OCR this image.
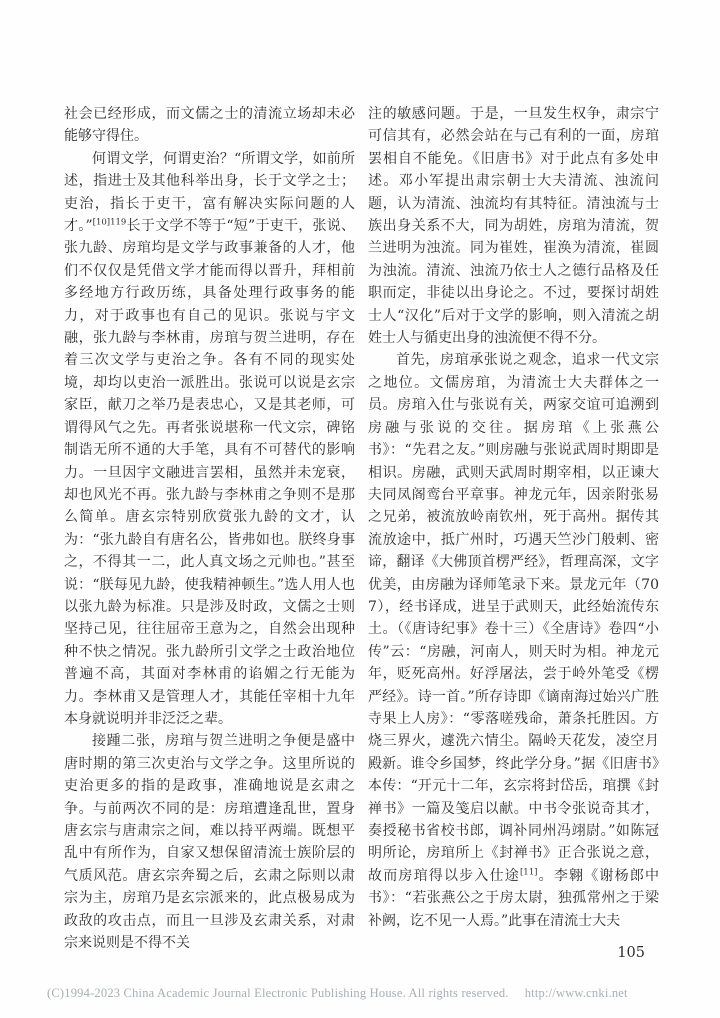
社会已经形成，而文儒之士的清流立场却未必能够守得住。

何谓文学，何谓吏治？“所谓文学，如前所述，指进士及其他科举出身，长于文学之士；吏治，指长于吏干，富有解决实际问题的人才。”$^{[10]119}$长于文学不等于“短”于吏干，张说、张九龄、房琯均是文学与政事兼备的人才，他们不仅仅是凭借文学才能而得以晋升，拜相前多经地方行政历练，具备处理行政事务的能力，对于政事也有自己的见识。张说与宇文融，张九龄与李林甫，房琯与贺兰进明，存在着三次文学与吏治之争。各有不同的现实处境，却均以吏治一派胜出。张说可以说是玄宗家臣，献刀之举乃是表忠心，又是其老师，可谓得风气之先。再者张说堪称一代文宗，碑铭制诰无所不通的大手笔，具有不可替代的影响力。一旦因宇文融进言罢相，虽然并未宠衰，却也风光不再。张九龄与李林甫之争则不是那么简单。唐玄宗特别欣赏张九龄的文才，认为：“张九龄自有唐名公，皆弗如也。朕终身事之，不得其一二，此人真文场之元帅也。”甚至说：“朕每见九龄，使我精神顿生。”选人用人也以张九龄为标准。只是涉及时政，文儒之士则坚持己见，往往屈帝王意为之，自然会出现种种不快之情况。张九龄所引文学之士政治地位普遍不高，其面对李林甫的谄媚之行无能为力。李林甫又是管理人才，其能任宰相十九年本身就说明并非泛泛之辈。

接踵二张，房琯与贺兰进明之争便是盛中唐时期的第三次吏治与文学之争。这里所说的吏治更多的指的是政事，准确地说是玄肃之争。与前两次不同的是：房琯遭逢乱世，置身唐玄宗与唐肃宗之间，难以持平两端。既想平乱中有所作为，自家又想保留清流士族阶层的气质风范。唐玄宗奔蜀之后，玄肃之际则以肃宗为主，房琯乃是玄宗派来的，此点极易成为政敌的攻击点，而且一旦涉及玄肃关系，对肃宗来说则是不得不关

注的敏感问题。于是，一旦发生权争，肃宗宁可信其有，必然会站在与己有利的一面，房琯罢相自不能免。《旧唐书》对于此点有多处申述。邓小军提出肃宗朝士大夫清流、浊流问题，认为清流、浊流均有其特征。清浊流与士族出身关系不大，同为胡姓，房琯为清流，贺兰进明为浊流。同为崔姓，崔涣为清流，崔圆为浊流。清流、浊流乃依士人之德行品格及任职而定，非徒以出身论之。不过，要探讨胡姓士人“汉化”后对于文学的影响，则入清流之胡姓士人与循吏出身的浊流便不得不分。

首先，房琯承张说之观念，追求一代文宗之地位。文儒房琯，为清流士大夫群体之一员。房琯入仕与张说有关，两家交谊可追溯到房融与张说的交往。据房琯《上张燕公书》：“先君之友。”则房融与张说武周时期即是相识。房融，武则天武周时期宰相，以正谏大夫同凤阁鸾台平章事。神龙元年，因亲附张易之兄弟，被流放岭南钦州，死于高州。据传其流放途中，抵广州时，巧遇天竺沙门般剌、密谛，翻译《大佛顶首楞严经》，哲理高深，文字优美，由房融为译师笔录下来。景龙元年（707），经书译成，进呈于武则天，此经始流传东土。（《唐诗纪事》卷十三）《全唐诗》卷四“小传”云：“房融，河南人，则天时为相。神龙元年，贬死高州。好浮屠法，尝于岭外笔受《楞严经》。诗一首。”所存诗即《谪南海过始兴广胜寺果上人房》：“零落嗟残命，萧条托胜因。方烧三界火，遽洗六情尘。隔岭天花发，凌空月殿新。谁令乡国梦，终此学分身。”据《旧唐书》本传：“开元十二年，玄宗将封岱岳，琯撰《封禅书》一篇及笺启以献。中书令张说奇其才，奏授秘书省校书郎，调补同州冯翊尉。”如陈冠明所论，房琯所上《封禅书》正合张说之意，故而房琯得以步入仕途[11]。李翱《谢杨郎中书》：“若张燕公之于房太尉，独孤常州之于梁补阙，讫不见一人焉。”此事在清流士大夫

105
(C)1994-2023 China Academic Journal Electronic Publishing House. All rights reserved. http://www.cnki.net
